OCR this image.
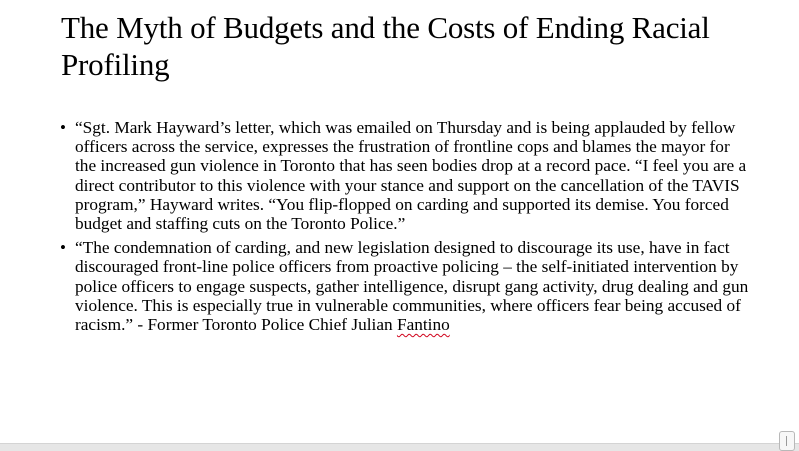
The Myth of Budgets and the Costs of Ending Racial Profiling
• “Sgt. Mark Hayward’s letter, which was emailed on Thursday and is being applauded by fellow officers across the service, expresses the frustration of frontline cops and blames the mayor for the increased gun violence in Toronto that has seen bodies drop at a record pace. “I feel you are a direct contributor to this violence with your stance and support on the cancellation of the TAVIS program,” Hayward writes. “You flip-flopped on carding and supported its demise. You forced budget and staffing cuts on the Toronto Police.”
• “The condemnation of carding, and new legislation designed to discourage its use, have in fact discouraged front-line police officers from proactive policing – the self-initiated intervention by police officers to engage suspects, gather intelligence, disrupt gang activity, drug dealing and gun violence. This is especially true in vulnerable communities, where officers fear being accused of racism.” - Former Toronto Police Chief Julian Fantino
